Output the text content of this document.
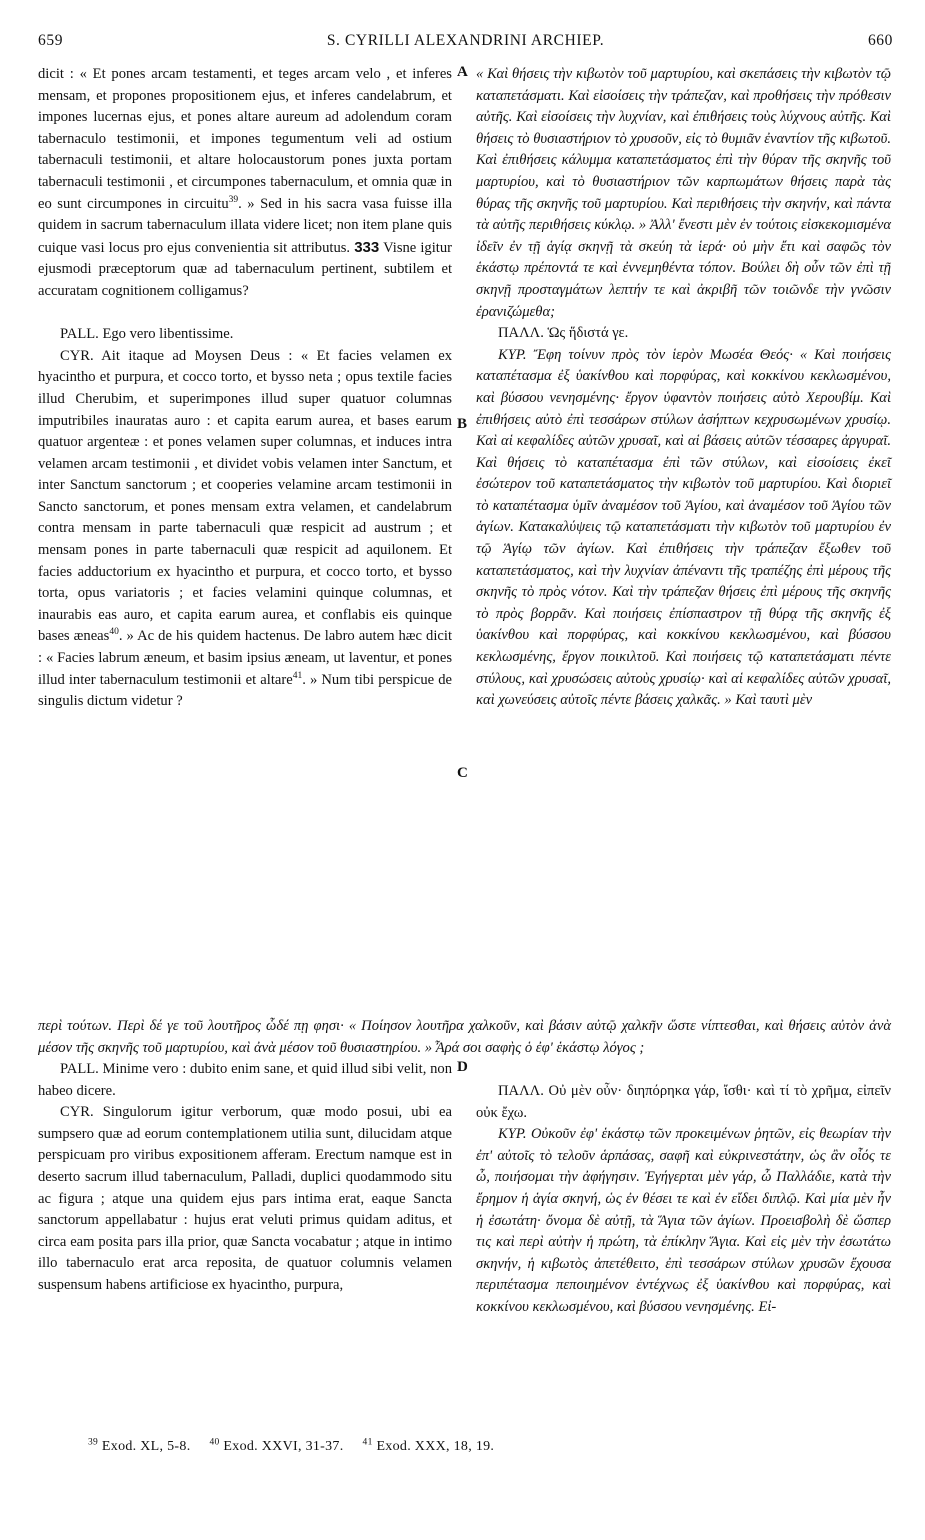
659	S. CYRILLI ALEXANDRINI ARCHIEP.	660
A
B
C
D

dicit : « Et pones arcam testamenti, et teges arcam velo , et inferes mensam, et propones propositionem ejus, et inferes candelabrum, et impones lucernas ejus, et pones altare aureum ad adolendum coram tabernaculo testimonii, et impones tegumentum veli ad ostium tabernaculi testimonii, et altare holocaustorum pones juxta portam tabernaculi testimonii , et circumpones tabernaculum, et omnia quæ in eo sunt circumpones in circuitu$^{39}$. » Sed in his sacra vasa fuisse illa quidem in sacrum tabernaculum illata videre licet; non item plane quis cuique vasi locus pro ejus convenientia sit attributus. 333 Visne igitur ejusmodi præceptorum quæ ad tabernaculum pertinent, subtilem et accuratam cognitionem colligamus?

PALL. Ego vero libentissime.

CYR. Ait itaque ad Moysen Deus : « Et facies velamen ex hyacintho et purpura, et cocco torto, et bysso neta ; opus textile facies illud Cherubim, et superimpones illud super quatuor columnas imputribiles inauratas auro : et capita earum aurea, et bases earum quatuor argenteæ : et pones velamen super columnas, et induces intra velamen arcam testimonii , et dividet vobis velamen inter Sanctum, et inter Sanctum sanctorum ; et cooperies velamine arcam testimonii in Sancto sanctorum, et pones mensam extra velamen, et candelabrum contra mensam in parte tabernaculi quæ respicit ad austrum ; et mensam pones in parte tabernaculi quæ respicit ad aquilonem. Et facies adductorium ex hyacintho et purpura, et cocco torto, et bysso torta, opus variatoris ; et facies velamini quinque columnas, et inaurabis eas auro, et capita earum aurea, et conflabis eis quinque bases æneas$^{40}$. » Ac de his quidem hactenus. De labro autem hæc dicit : « Facies labrum æneum, et basim ipsius æneam, ut laventur, et pones illud inter tabernaculum testimonii et altare$^{41}$. » Num tibi perspicue de singulis dictum videtur ?

« Καὶ θήσεις τὴν κιβωτὸν τοῦ μαρτυρίου, καὶ σκεπάσεις τὴν κιβωτὸν τῷ καταπετάσματι. Καὶ εἰσοίσεις τὴν τράπεζαν, καὶ προθήσεις τὴν πρόθεσιν αὐτῆς. Καὶ εἰσοίσεις τὴν λυχνίαν, καὶ ἐπιθήσεις τοὺς λύχνους αὐτῆς. Καὶ θήσεις τὸ θυσιαστήριον τὸ χρυσοῦν, εἰς τὸ θυμιᾶν ἐναντίον τῆς κιβωτοῦ. Καὶ ἐπιθήσεις κάλυμμα καταπετάσματος ἐπὶ τὴν θύραν τῆς σκηνῆς τοῦ μαρτυρίου, καὶ τὸ θυσιαστήριον τῶν καρπωμάτων θήσεις παρὰ τὰς θύρας τῆς σκηνῆς τοῦ μαρτυρίου. Καὶ περιθήσεις τὴν σκηνήν, καὶ πάντα τὰ αὐτῆς περιθήσεις κύκλῳ. » Ἀλλ' ἔνεστι μὲν ἐν τούτοις εἰσκεκομισμένα ἰδεῖν ἐν τῇ ἁγίᾳ σκηνῇ τὰ σκεύη τὰ ἱερά· οὐ μὴν ἔτι καὶ σαφῶς τὸν ἑκάστῳ πρέποντά τε καὶ ἐννεμηθέντα τόπον. Βούλει δὴ οὖν τῶν ἐπὶ τῇ σκηνῇ προσταγμάτων λεπτήν τε καὶ ἀκριβῆ τῶν τοιῶνδε τὴν γνῶσιν ἐρανιζώμεθα;

ΠΑΛΛ. Ὡς ἥδιστά γε.

ΚΥΡ. Ἔφη τοίνυν πρὸς τὸν ἱερὸν Μωσέα Θεός· « Καὶ ποιήσεις καταπέτασμα ἐξ ὑακίνθου καὶ πορφύρας, καὶ κοκκίνου κεκλωσμένου, καὶ βύσσου νενησμένης· ἔργον ὑφαντὸν ποιήσεις αὐτὸ Χερουβίμ. Καὶ ἐπιθήσεις αὐτὸ ἐπὶ τεσσάρων στύλων ἀσήπτων κεχρυσωμένων χρυσίῳ. Καὶ αἱ κεφαλίδες αὐτῶν χρυσαῖ, καὶ αἱ βάσεις αὐτῶν τέσσαρες ἀργυραῖ. Καὶ θήσεις τὸ καταπέτασμα ἐπὶ τῶν στύλων, καὶ εἰσοίσεις ἐκεῖ ἐσώτερον τοῦ καταπετάσματος τὴν κιβωτὸν τοῦ μαρτυρίου. Καὶ διοριεῖ τὸ καταπέτασμα ὑμῖν ἀναμέσον τοῦ Ἁγίου, καὶ ἀναμέσον τοῦ Ἁγίου τῶν ἁγίων. Κατακαλύψεις τῷ καταπετάσματι τὴν κιβωτὸν τοῦ μαρτυρίου ἐν τῷ Ἁγίῳ τῶν ἁγίων. Καὶ ἐπιθήσεις τὴν τράπεζαν ἔξωθεν τοῦ καταπετάσματος, καὶ τὴν λυχνίαν ἀπέναντι τῆς τραπέζης ἐπὶ μέρους τῆς σκηνῆς τὸ πρὸς νότον. Καὶ τὴν τράπεζαν θήσεις ἐπὶ μέρους τῆς σκηνῆς τὸ πρὸς βορρᾶν. Καὶ ποιήσεις ἐπίσπαστρον τῇ θύρᾳ τῆς σκηνῆς ἐξ ὑακίνθου καὶ πορφύρας, καὶ κοκκίνου κεκλωσμένου, καὶ βύσσου κεκλωσμένης, ἔργον ποικιλτοῦ. Καὶ ποιήσεις τῷ καταπετάσματι πέντε στύλους, καὶ χρυσώσεις αὐτοὺς χρυσίῳ· καὶ αἱ κεφαλίδες αὐτῶν χρυσαῖ, καὶ χωνεύσεις αὐτοῖς πέντε βάσεις χαλκᾶς. » Καὶ ταυτὶ μὲν

περὶ τούτων. Περὶ δέ γε τοῦ λουτῆρος ὧδέ πῃ φησι· « Ποίησον λουτῆρα χαλκοῦν, καὶ βάσιν αὐτῷ χαλκῆν ὥστε νίπτεσθαι, καὶ θήσεις αὐτὸν ἀνὰ μέσον τῆς σκηνῆς τοῦ μαρτυρίου, καὶ ἀνὰ μέσον τοῦ θυσιαστηρίου. » Ἆρά σοι σαφὴς ὁ ἐφ' ἑκάστῳ λόγος ;

PALL. Minime vero : dubito enim sane, et quid illud sibi velit, non habeo dicere.

CYR. Singulorum igitur verborum, quæ modo posui, ubi ea sumpsero quæ ad eorum contemplationem utilia sunt, dilucidam atque perspicuam pro viribus expositionem afferam. Erectum namque est in deserto sacrum illud tabernaculum, Palladi, duplici quodammodo situ ac figura ; atque una quidem ejus pars intima erat, eaque Sancta sanctorum appellabatur : hujus erat veluti primus quidam aditus, et circa eam posita pars illa prior, quæ Sancta vocabatur ; atque in intimo illo tabernaculo erat arca reposita, de quatuor columnis velamen suspensum habens artificiose ex hyacintho, purpura,

ΠΑΛΛ. Οὐ μὲν οὖν· διηπόρηκα γάρ, ἴσθι· καὶ τί τὸ χρῆμα, εἰπεῖν οὐκ ἔχω.

ΚΥΡ. Οὐκοῦν ἐφ' ἑκάστῳ τῶν προκειμένων ῥητῶν, εἰς θεωρίαν τὴν ἐπ' αὐτοῖς τὸ τελοῦν ἁρπάσας, σαφῆ καὶ εὐκρινεστάτην, ὡς ἂν οἷός τε ὦ, ποιήσομαι τὴν ἀφήγησιν. Ἐγήγερται μὲν γάρ, ὦ Παλλάδιε, κατὰ τὴν ἔρημον ἡ ἁγία σκηνή, ὡς ἐν θέσει τε καὶ ἐν εἴδει διπλῷ. Καὶ μία μὲν ἦν ἡ ἐσωτάτη· ὄνομα δὲ αὐτῇ, τὰ Ἅγια τῶν ἁγίων. Προεισβολὴ δὲ ὥσπερ τις καὶ περὶ αὐτὴν ἡ πρώτη, τὰ ἐπίκλην Ἅγια. Καὶ εἰς μὲν τὴν ἐσωτάτω σκηνήν, ἡ κιβωτὸς ἀπετέθειτο, ἐπὶ τεσσάρων στύλων χρυσῶν ἔχουσα περιπέτασμα πεποιημένον ἐντέχνως ἐξ ὑακίνθου καὶ πορφύρας, καὶ κοκκίνου κεκλωσμένου, καὶ βύσσου νενησμένης. Εἰ-

$^{39}$ Exod. XL, 5-8. $^{40}$ Exod. XXVI, 31-37. $^{41}$ Exod. XXX, 18, 19.
